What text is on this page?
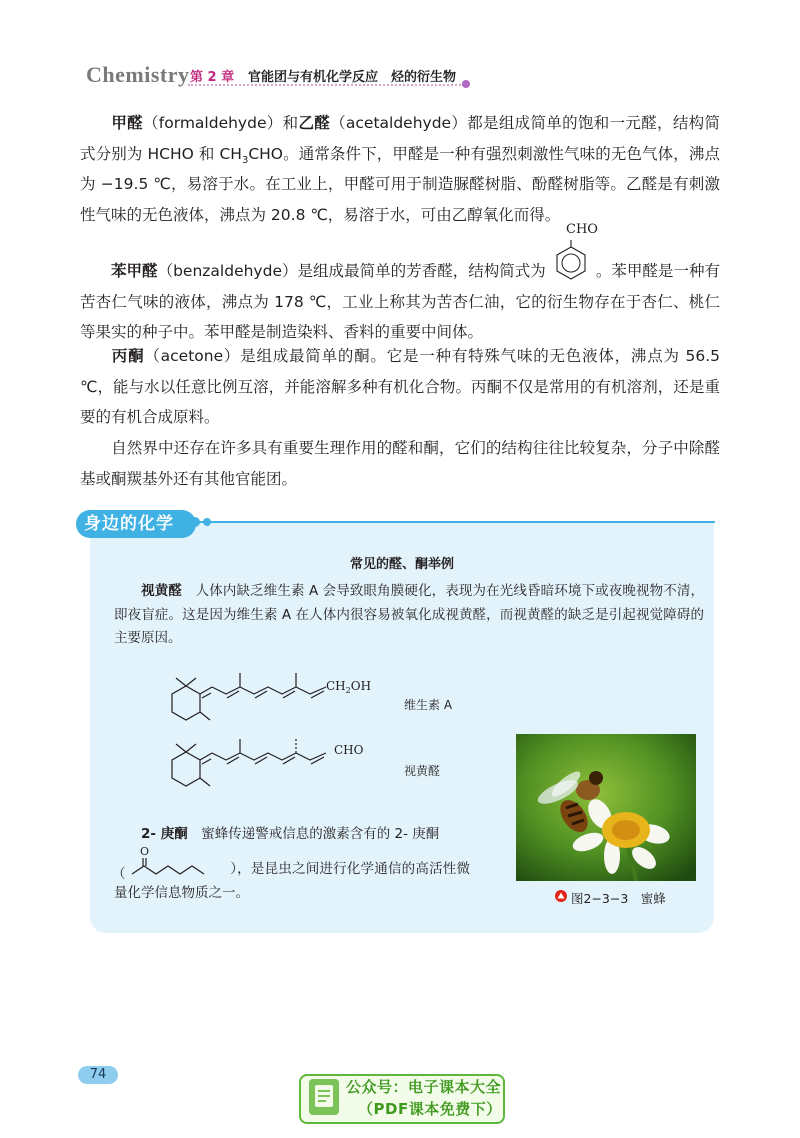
Chemistry 第 2 章 官能团与有机化学反应　烃的衍生物

甲醛（formaldehyde）和乙醛（acetaldehyde）都是组成简单的饱和一元醛，结构简式分别为 HCHO 和 $CH_3CHO$。通常条件下，甲醛是一种有强烈刺激性气味的无色气体，沸点为 −19.5 ℃，易溶于水。在工业上，甲醛可用于制造脲醛树脂、酚醛树脂等。乙醛是有刺激性气味的无色液体，沸点为 20.8 ℃，易溶于水，可由乙醇氧化而得。

CHO

苯甲醛（benzaldehyde）是组成最简单的芳香醛，结构简式为	。苯甲醛是一种有苦杏仁气味的液体，沸点为 178 ℃，工业上称其为苦杏仁油，它的衍生物存在于杏仁、桃仁等果实的种子中。苯甲醛是制造染料、香料的重要中间体。

丙酮（acetone）是组成最简单的酮。它是一种有特殊气味的无色液体，沸点为 56.5 ℃，能与水以任意比例互溶，并能溶解多种有机化合物。丙酮不仅是常用的有机溶剂，还是重要的有机合成原料。

自然界中还存在许多具有重要生理作用的醛和酮，它们的结构往往比较复杂，分子中除醛基或酮羰基外还有其他官能团。

身边的化学
常见的醛、酮举例

视黄醛　人体内缺乏维生素 A 会导致眼角膜硬化，表现为在光线昏暗环境下或夜晚视物不清，即夜盲症。这是因为维生素 A 在人体内很容易被氧化成视黄醛，而视黄醛的缺乏是引起视觉障碍的主要原因。

$CH_2OH$
CHO
维生素 A
视黄醛

2- 庚酮　蜜蜂传递警戒信息的激素含有的 2- 庚酮

（
O

），是昆虫之间进行化学通信的高活性微量化学信息物质之一。	图2−3−3　蜜蜂
74
公众号：电子课本大全
（PDF课本免费下）
